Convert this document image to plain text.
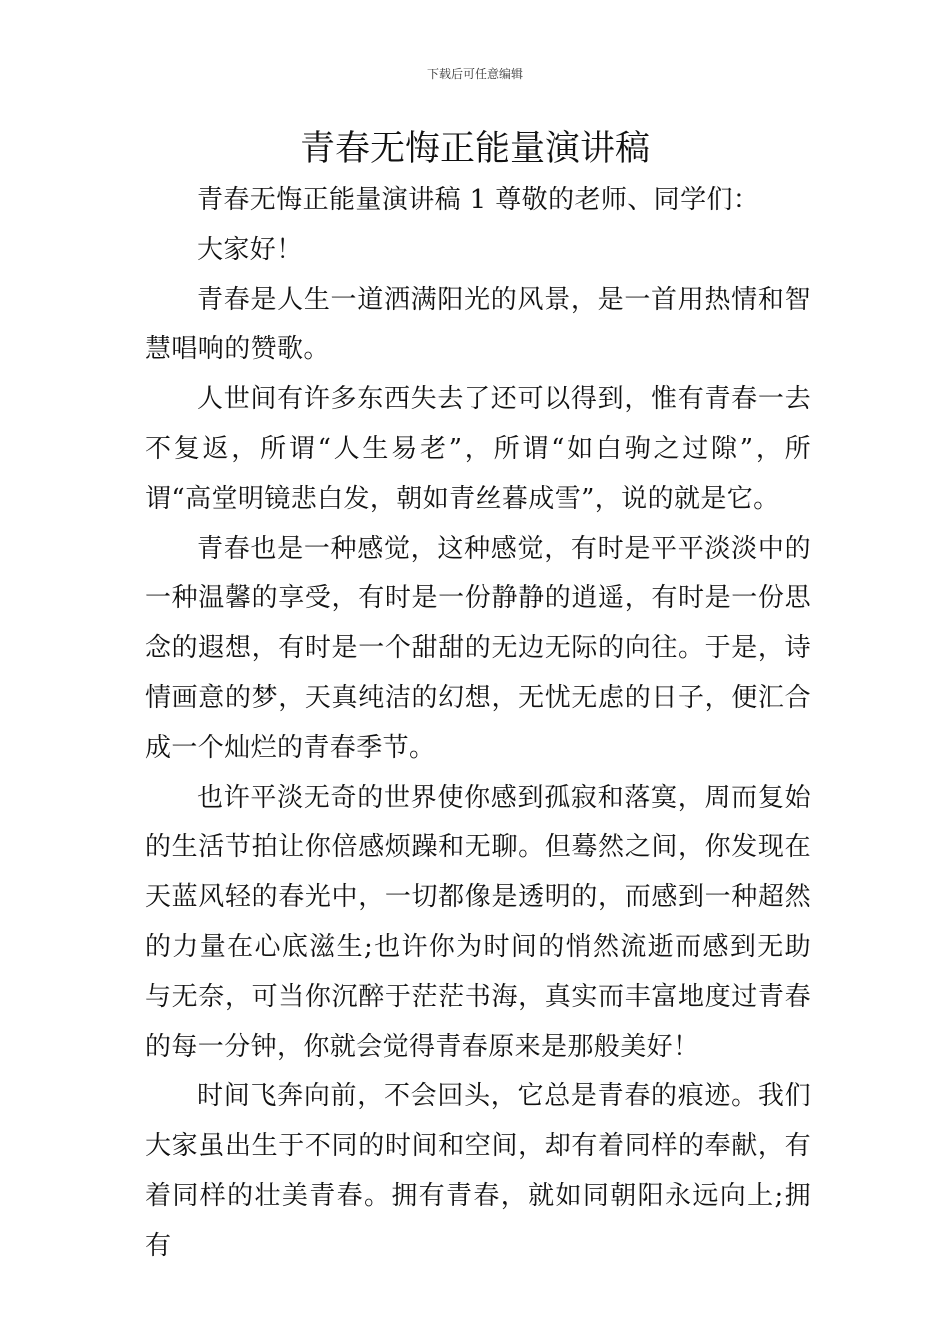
下载后可任意编辑
青春无悔正能量演讲稿

青春无悔正能量演讲稿 1 尊敬的老师、同学们：

大家好！

青春是人生一道洒满阳光的风景，是一首用热情和智慧唱响的赞歌。

人世间有许多东西失去了还可以得到，惟有青春一去不复返，所谓“人生易老”，所谓“如白驹之过隙”，所谓“高堂明镜悲白发，朝如青丝暮成雪”，说的就是它。

青春也是一种感觉，这种感觉，有时是平平淡淡中的一种温馨的享受，有时是一份静静的逍遥，有时是一份思念的遐想，有时是一个甜甜的无边无际的向往。于是，诗情画意的梦，天真纯洁的幻想，无忧无虑的日子，便汇合成一个灿烂的青春季节。

也许平淡无奇的世界使你感到孤寂和落寞，周而复始的生活节拍让你倍感烦躁和无聊。但蓦然之间，你发现在天蓝风轻的春光中，一切都像是透明的，而感到一种超然的力量在心底滋生;也许你为时间的悄然流逝而感到无助与无奈，可当你沉醉于茫茫书海，真实而丰富地度过青春的每一分钟，你就会觉得青春原来是那般美好！

时间飞奔向前，不会回头，它总是青春的痕迹。我们大家虽出生于不同的时间和空间，却有着同样的奉献，有着同样的壮美青春。拥有青春，就如同朝阳永远向上;拥有
